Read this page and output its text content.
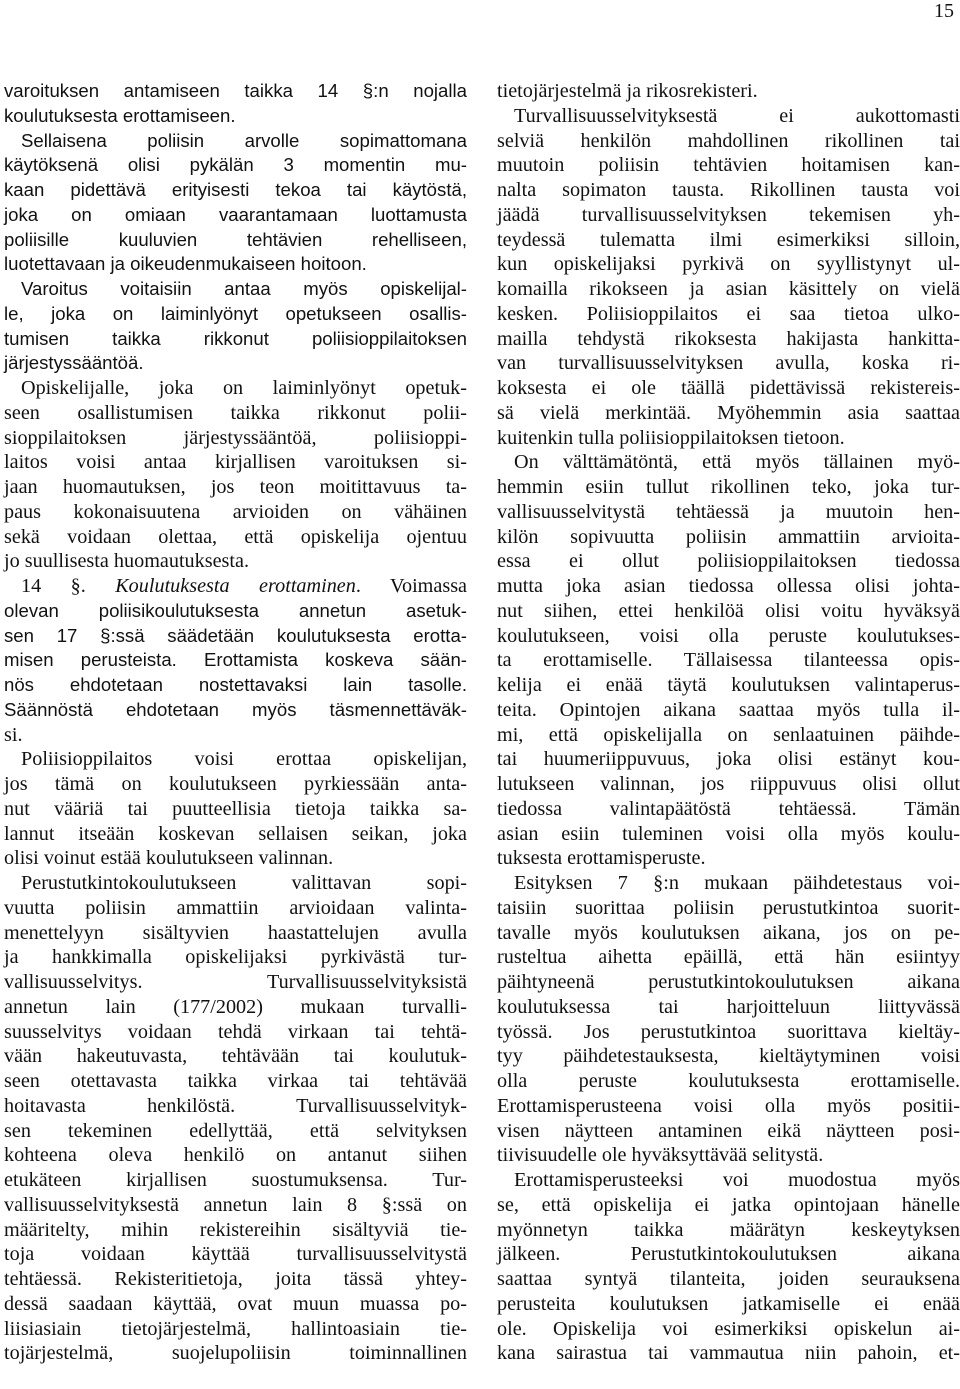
15
varoituksen antamiseen taikka 14 §:n nojalla
koulutuksesta erottamiseen.
Sellaisena poliisin arvolle sopimattomana
käytöksenä olisi pykälän 3 momentin mu-
kaan pidettävä erityisesti tekoa tai käytöstä,
joka on omiaan vaarantamaan luottamusta
poliisille kuuluvien tehtävien rehelliseen,
luotettavaan ja oikeudenmukaiseen hoitoon.
Varoitus voitaisiin antaa myös opiskelijal-
le, joka on laiminlyönyt opetukseen osallis-
tumisen taikka rikkonut poliisioppilaitoksen
järjestyssääntöä.
Opiskelijalle, joka on laiminlyönyt opetuk-
seen osallistumisen taikka rikkonut polii-
sioppilaitoksen järjestyssääntöä, poliisioppi-
laitos voisi antaa kirjallisen varoituksen si-
jaan huomautuksen, jos teon moitittavuus ta-
paus kokonaisuutena arvioiden on vähäinen
sekä voidaan olettaa, että opiskelija ojentuu
jo suullisesta huomautuksesta.
14 §. Koulutuksesta erottaminen. Voimassa
olevan poliisikoulutuksesta annetun asetuk-
sen 17 §:ssä säädetään koulutuksesta erotta-
misen perusteista. Erottamista koskeva sään-
nös ehdotetaan nostettavaksi lain tasolle.
Säännöstä ehdotetaan myös täsmennettäväk-
si.
Poliisioppilaitos voisi erottaa opiskelijan,
jos tämä on koulutukseen pyrkiessään anta-
nut vääriä tai puutteellisia tietoja taikka sa-
lannut itseään koskevan sellaisen seikan, joka
olisi voinut estää koulutukseen valinnan.
Perustutkintokoulutukseen valittavan sopi-
vuutta poliisin ammattiin arvioidaan valinta-
menettelyyn sisältyvien haastattelujen avulla
ja hankkimalla opiskelijaksi pyrkivästä tur-
vallisuusselvitys. Turvallisuusselvityksistä
annetun lain (177/2002) mukaan turvalli-
suusselvitys voidaan tehdä virkaan tai tehtä-
vään hakeutuvasta, tehtävään tai koulutuk-
seen otettavasta taikka virkaa tai tehtävää
hoitavasta henkilöstä. Turvallisuusselvityk-
sen tekeminen edellyttää, että selvityksen
kohteena oleva henkilö on antanut siihen
etukäteen kirjallisen suostumuksensa. Tur-
vallisuusselvityksestä annetun lain 8 §:ssä on
määritelty, mihin rekistereihin sisältyviä tie-
toja voidaan käyttää turvallisuusselvitystä
tehtäessä. Rekisteritietoja, joita tässä yhtey-
dessä saadaan käyttää, ovat muun muassa po-
liisiasiain tietojärjestelmä, hallintoasiain tie-
tojärjestelmä, suojelupoliisin toiminnallinen
tietojärjestelmä ja rikosrekisteri.
Turvallisuusselvityksestä ei aukottomasti
selviä henkilön mahdollinen rikollinen tai
muutoin poliisin tehtävien hoitamisen kan-
nalta sopimaton tausta. Rikollinen tausta voi
jäädä turvallisuusselvityksen tekemisen yh-
teydessä tulematta ilmi esimerkiksi silloin,
kun opiskelijaksi pyrkivä on syyllistynyt ul-
komailla rikokseen ja asian käsittely on vielä
kesken. Poliisioppilaitos ei saa tietoa ulko-
mailla tehdystä rikoksesta hakijasta hankitta-
van turvallisuusselvityksen avulla, koska ri-
koksesta ei ole täällä pidettävissä rekistereis-
sä vielä merkintää. Myöhemmin asia saattaa
kuitenkin tulla poliisioppilaitoksen tietoon.
On välttämätöntä, että myös tällainen myö-
hemmin esiin tullut rikollinen teko, joka tur-
vallisuusselvitystä tehtäessä ja muutoin hen-
kilön sopivuutta poliisin ammattiin arvioita-
essa ei ollut poliisioppilaitoksen tiedossa
mutta joka asian tiedossa ollessa olisi johta-
nut siihen, ettei henkilöä olisi voitu hyväksyä
koulutukseen, voisi olla peruste koulutukses-
ta erottamiselle. Tällaisessa tilanteessa opis-
kelija ei enää täytä koulutuksen valintaperus-
teita. Opintojen aikana saattaa myös tulla il-
mi, että opiskelijalla on senlaatuinen päihde-
tai huumeriippuvuus, joka olisi estänyt kou-
lutukseen valinnan, jos riippuvuus olisi ollut
tiedossa valintapäätöstä tehtäessä. Tämän
asian esiin tuleminen voisi olla myös koulu-
tuksesta erottamisperuste.
Esityksen 7 §:n mukaan päihdetestaus voi-
taisiin suorittaa poliisin perustutkintoa suorit-
tavalle myös koulutuksen aikana, jos on pe-
rusteltua aihetta epäillä, että hän esiintyy
päihtyneenä perustutkintokoulutuksen aikana
koulutuksessa tai harjoitteluun liittyvässä
työssä. Jos perustutkintoa suorittava kieltäy-
tyy päihdetestauksesta, kieltäytyminen voisi
olla peruste koulutuksesta erottamiselle.
Erottamisperusteena voisi olla myös positii-
visen näytteen antaminen eikä näytteen posi-
tiivisuudelle ole hyväksyttävää selitystä.
Erottamisperusteeksi voi muodostua myös
se, että opiskelija ei jatka opintojaan hänelle
myönnetyn taikka määrätyn keskeytyksen
jälkeen. Perustutkintokoulutuksen aikana
saattaa syntyä tilanteita, joiden seurauksena
perusteita koulutuksen jatkamiselle ei enää
ole. Opiskelija voi esimerkiksi opiskelun ai-
kana sairastua tai vammautua niin pahoin, et-
